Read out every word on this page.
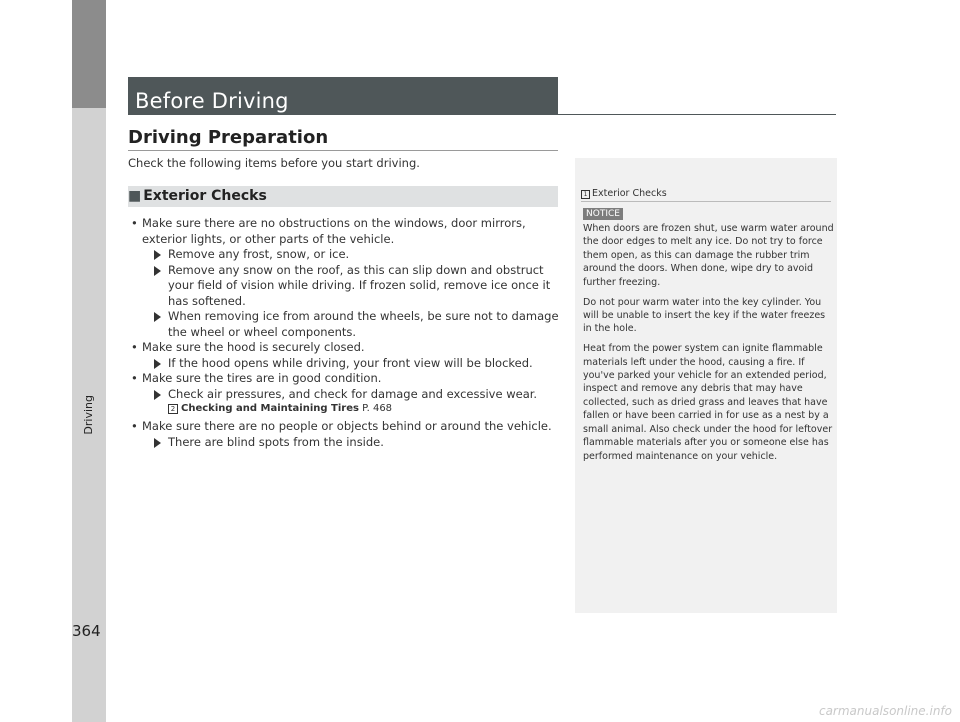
Driving
364
Before Driving
Driving Preparation
Check the following items before you start driving.
■ Exterior Checks
• Make sure there are no obstructions on the windows, door mirrors, exterior lights, or other parts of the vehicle.
Remove any frost, snow, or ice.
Remove any snow on the roof, as this can slip down and obstruct your field of vision while driving. If frozen solid, remove ice once it has softened.
When removing ice from around the wheels, be sure not to damage the wheel or wheel components.
• Make sure the hood is securely closed.
If the hood opens while driving, your front view will be blocked.
• Make sure the tires are in good condition.
Check air pressures, and check for damage and excessive wear.
2 Checking and Maintaining Tires P. 468
• Make sure there are no people or objects behind or around the vehicle.
There are blind spots from the inside.
1 Exterior Checks
NOTICE

When doors are frozen shut, use warm water around the door edges to melt any ice. Do not try to force them open, as this can damage the rubber trim around the doors. When done, wipe dry to avoid further freezing.

Do not pour warm water into the key cylinder. You will be unable to insert the key if the water freezes in the hole.

Heat from the power system can ignite flammable materials left under the hood, causing a fire. If you've parked your vehicle for an extended period, inspect and remove any debris that may have collected, such as dried grass and leaves that have fallen or have been carried in for use as a nest by a small animal. Also check under the hood for leftover flammable materials after you or someone else has performed maintenance on your vehicle.

carmanualsonline.info
